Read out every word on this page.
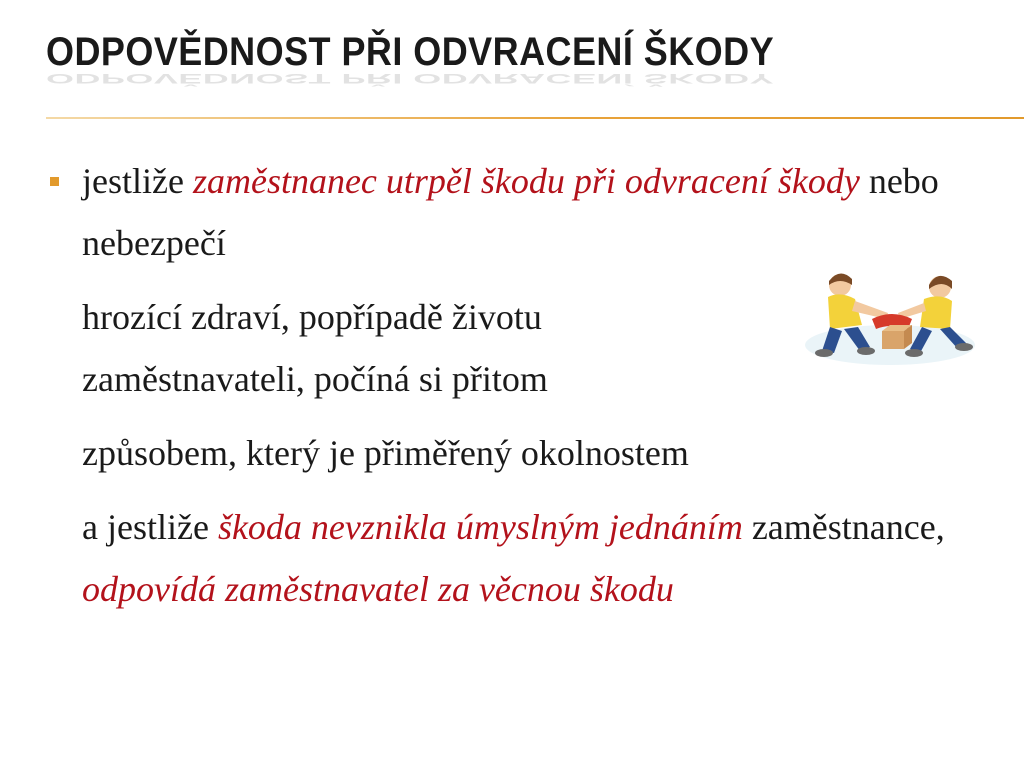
ODPOVĚDNOST PŘI ODVRACENÍ ŠKODY
ODPOVĚDNOST PŘI ODVRACENÍ ŠKODY

jestliže zaměstnanec utrpěl škodu při odvracení škody nebo nebezpečí

hrozící zdraví, popřípadě životu
zaměstnavateli, počíná si přitom

způsobem, který je přiměřený okolnostem

a jestliže škoda nevznikla úmyslným jednáním zaměstnance, odpovídá zaměstnavatel za věcnou škodu
